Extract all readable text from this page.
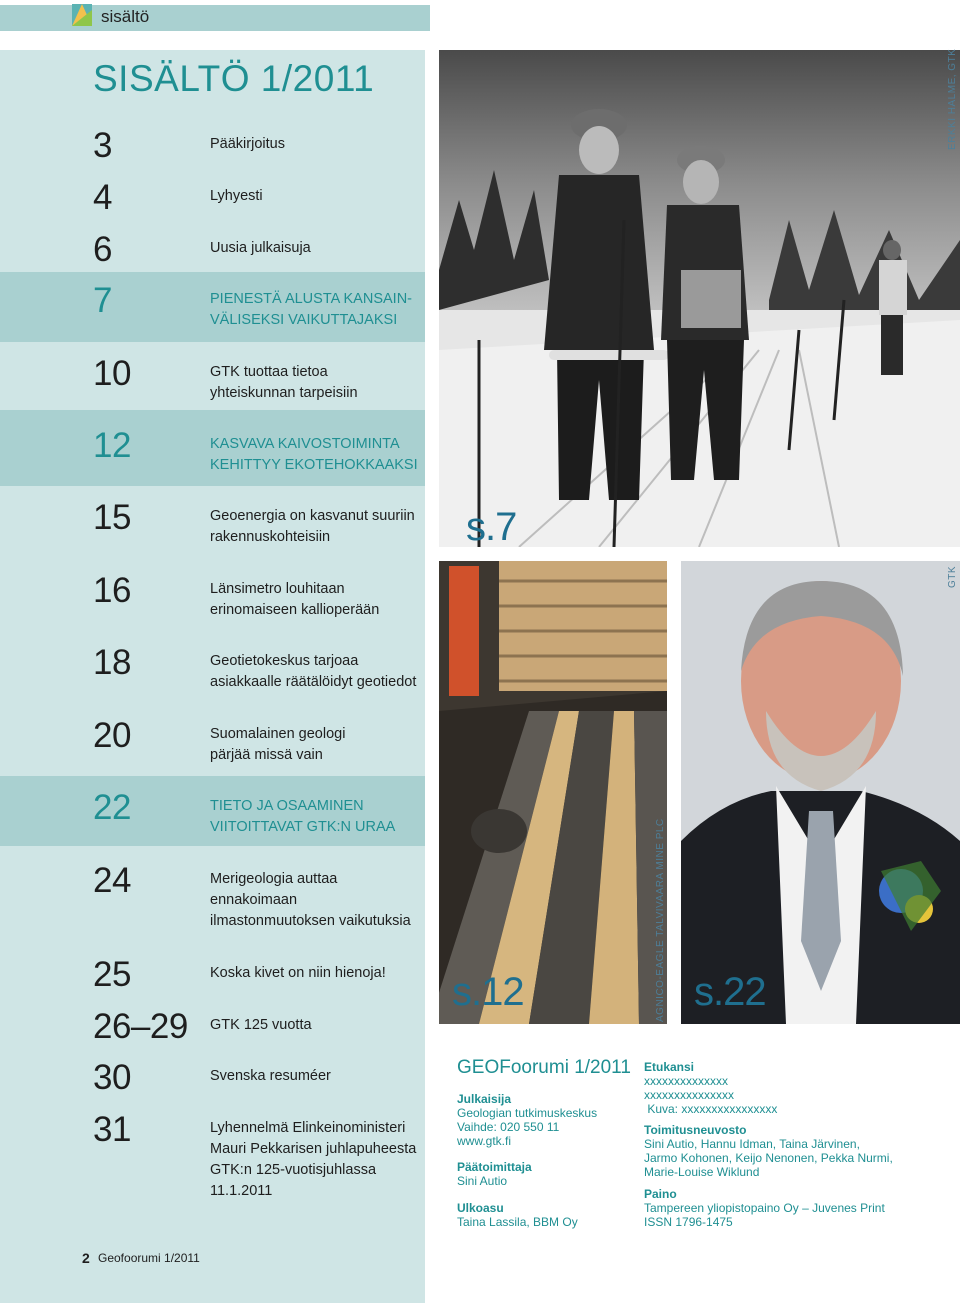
sisältö
SISÄLTÖ 1/2011
3	Pääkirjoitus
4	Lyhyesti
6	Uusia julkaisuja
7	PIENESTÄ ALUSTA KANSAIN-
VÄLISEKSI VAIKUTTAJAKSI
10	GTK tuottaa tietoa
yhteiskunnan tarpeisiin
12	KASVAVA KAIVOSTOIMINTA
KEHITTYY EKOTEHOKKAAKSI
15	Geoenergia on kasvanut suuriin
rakennuskohteisiin
16	Länsimetro louhitaan
erinomaiseen kallioperään
18	Geotietokeskus tarjoaa
asiakkaalle räätälöidyt geotiedot
20	Suomalainen geologi
pärjää missä vain
22	TIETO JA OSAAMINEN
VIITOITTAVAT GTK:N URAA
24	Merigeologia auttaa
ennakoimaan
ilmastonmuutoksen vaikutuksia
25	Koska kivet on niin hienoja!
26–29 GTK 125 vuotta
30	Svenska resuméer
31	Lyhennelmä Elinkeinoministeri
Mauri Pekkarisen juhlapuheesta
GTK:n 125-vuotisjuhlassa
11.1.2011
2 Geofoorumi 1/2011
s.7
ERKKI HALME, GTK
s.12	AGNICO-EAGLE TALVIVAARA MINE PLC s.22
GTK
GEOFoorumi 1/2011
Julkaisija
Geologian tutkimuskeskus
Vaihde: 020 550 11
www.gtk.fi
Päätoimittaja
Sini Autio
Ulkoasu
Taina Lassila, BBM Oy
Etukansi
xxxxxxxxxxxxxx
xxxxxxxxxxxxxxx
Kuva: xxxxxxxxxxxxxxxx
Toimitusneuvosto
Sini Autio, Hannu Idman, Taina Järvinen,
Jarmo Kohonen, Keijo Nenonen, Pekka Nurmi,
Marie-Louise Wiklund
Paino
Tampereen yliopistopaino Oy – Juvenes Print
ISSN 1796-1475
